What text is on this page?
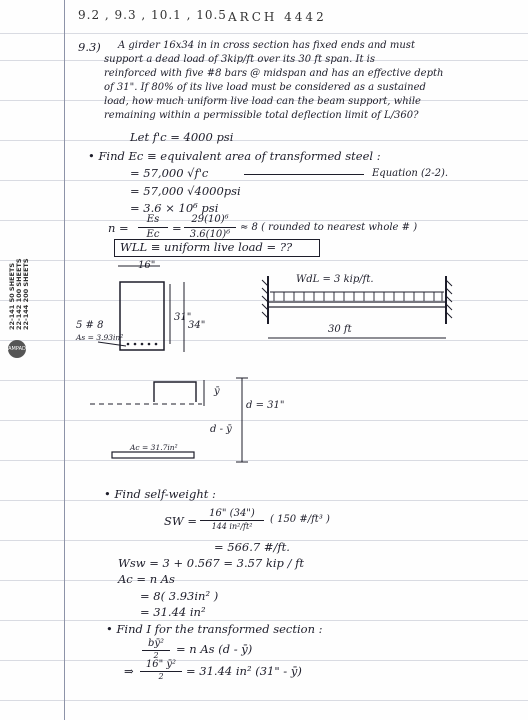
9.2 , 9.3 , 10.1 , 10.5 ARCH 4442
22-141 50 SHEETS 22-142 100 SHEETS 22-144 200 SHEETS
AMPAD
9.3) A girder 16x34 in in cross section has fixed ends and must
support a dead load of 3kip/ft over its 30 ft span. It is
reinforced with five #8 bars @ midspan and has an effective depth
of 31". If 80% of its live load must be considered as a sustained
load, how much uniform live load can the beam support, while
remaining within a permissible total deflection limit of L/360?
Let f'c = 4000 psi
• Find Ec ≡ equivalent area of transformed steel :
= 57,000 √f'c	Equation (2-2).
= 57,000 √4000psi
= 3.6 × 10⁶ psi
n =
Es
Ec	=
29(10)⁶
3.6(10)⁶
≈ 8 ( rounded to nearest whole # )
WLL ≡ uniform live load = ??
16"
31"
34"
5 # 8
As = 3.93in²
WdL = 3 kip/ft.
30 ft
ȳ
d = 31"
d - ȳ
Ac = 31.7in²
• Find self-weight :
SW =
16" (34")
144 in²/ft²
( 150 #/ft³ )
= 566.7 #/ft.
Wsw = 3 + 0.567 = 3.57 kip / ft
Ac = n As
= 8( 3.93in² )
= 31.44 in²
• Find I for the transformed section :
bȳ²
2	= n As (d - ȳ)
⇒	16" ȳ²
2	= 31.44 in² (31" - ȳ)
